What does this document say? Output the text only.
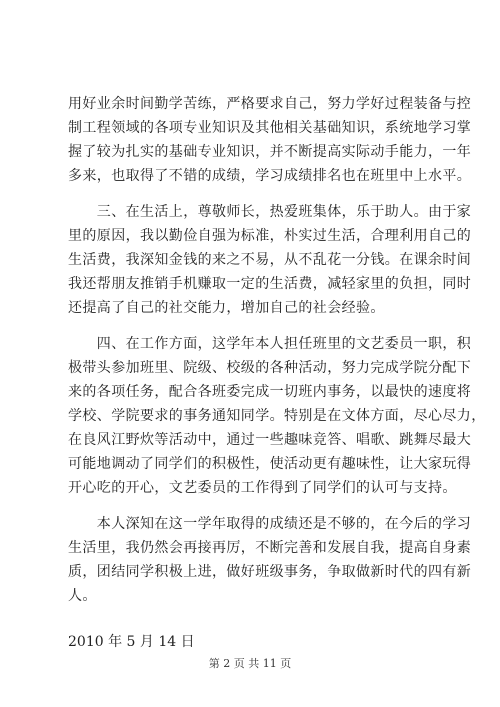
用好业余时间勤学苦练，严格要求自己，努力学好过程装备与控
制工程领域的各项专业知识及其他相关基础知识，系统地学习掌
握了较为扎实的基础专业知识，并不断提高实际动手能力，一年
多来，也取得了不错的成绩，学习成绩排名也在班里中上水平。
　　三、在生活上，尊敬师长，热爱班集体，乐于助人。由于家
里的原因，我以勤俭自强为标准，朴实过生活，合理利用自己的
生活费，我深知金钱的来之不易，从不乱花一分钱。在课余时间
我还帮朋友推销手机赚取一定的生活费，减轻家里的负担，同时
还提高了自己的社交能力，增加自己的社会经验。
　　四、在工作方面，这学年本人担任班里的文艺委员一职，积
极带头参加班里、院级、校级的各种活动，努力完成学院分配下
来的各项任务，配合各班委完成一切班内事务，以最快的速度将
学校、学院要求的事务通知同学。特别是在文体方面，尽心尽力，
在良风江野炊等活动中，通过一些趣味竞答、唱歌、跳舞尽最大
可能地调动了同学们的积极性，使活动更有趣味性，让大家玩得
开心吃的开心，文艺委员的工作得到了同学们的认可与支持。
　　本人深知在这一学年取得的成绩还是不够的，在今后的学习
生活里，我仍然会再接再厉，不断完善和发展自我，提高自身素
质，团结同学积极上进，做好班级事务，争取做新时代的四有新
人。
2010 年 5 月 14 日
第 2 页 共 11 页
